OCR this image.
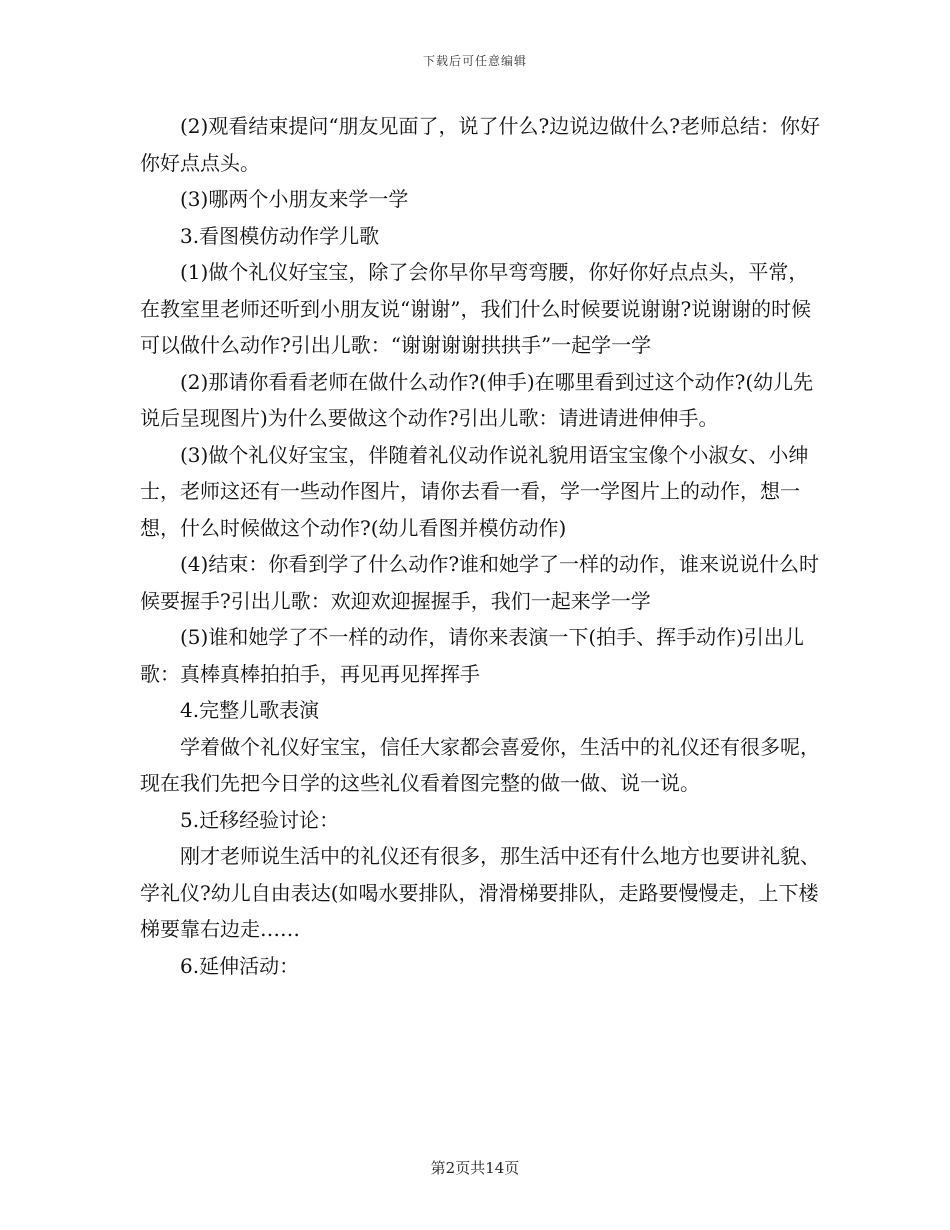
下载后可任意编辑

(2)观看结束提问“朋友见面了，说了什么?边说边做什么?老师总结：你好你好点点头。

(3)哪两个小朋友来学一学

3.看图模仿动作学儿歌

(1)做个礼仪好宝宝，除了会你早你早弯弯腰，你好你好点点头，平常，在教室里老师还听到小朋友说“谢谢”，我们什么时候要说谢谢?说谢谢的时候可以做什么动作?引出儿歌：“谢谢谢谢拱拱手”一起学一学

(2)那请你看看老师在做什么动作?(伸手)在哪里看到过这个动作?(幼儿先说后呈现图片)为什么要做这个动作?引出儿歌：请进请进伸伸手。

(3)做个礼仪好宝宝，伴随着礼仪动作说礼貌用语宝宝像个小淑女、小绅士，老师这还有一些动作图片，请你去看一看，学一学图片上的动作，想一想，什么时候做这个动作?(幼儿看图并模仿动作)

(4)结束：你看到学了什么动作?谁和她学了一样的动作，谁来说说什么时候要握手?引出儿歌：欢迎欢迎握握手，我们一起来学一学

(5)谁和她学了不一样的动作，请你来表演一下(拍手、挥手动作)引出儿歌：真棒真棒拍拍手，再见再见挥挥手

4.完整儿歌表演

学着做个礼仪好宝宝，信任大家都会喜爱你，生活中的礼仪还有很多呢，现在我们先把今日学的这些礼仪看着图完整的做一做、说一说。

5.迁移经验讨论：

刚才老师说生活中的礼仪还有很多，那生活中还有什么地方也要讲礼貌、学礼仪?幼儿自由表达(如喝水要排队，滑滑梯要排队，走路要慢慢走，上下楼梯要靠右边走……

6.延伸活动：

第2页共14页
